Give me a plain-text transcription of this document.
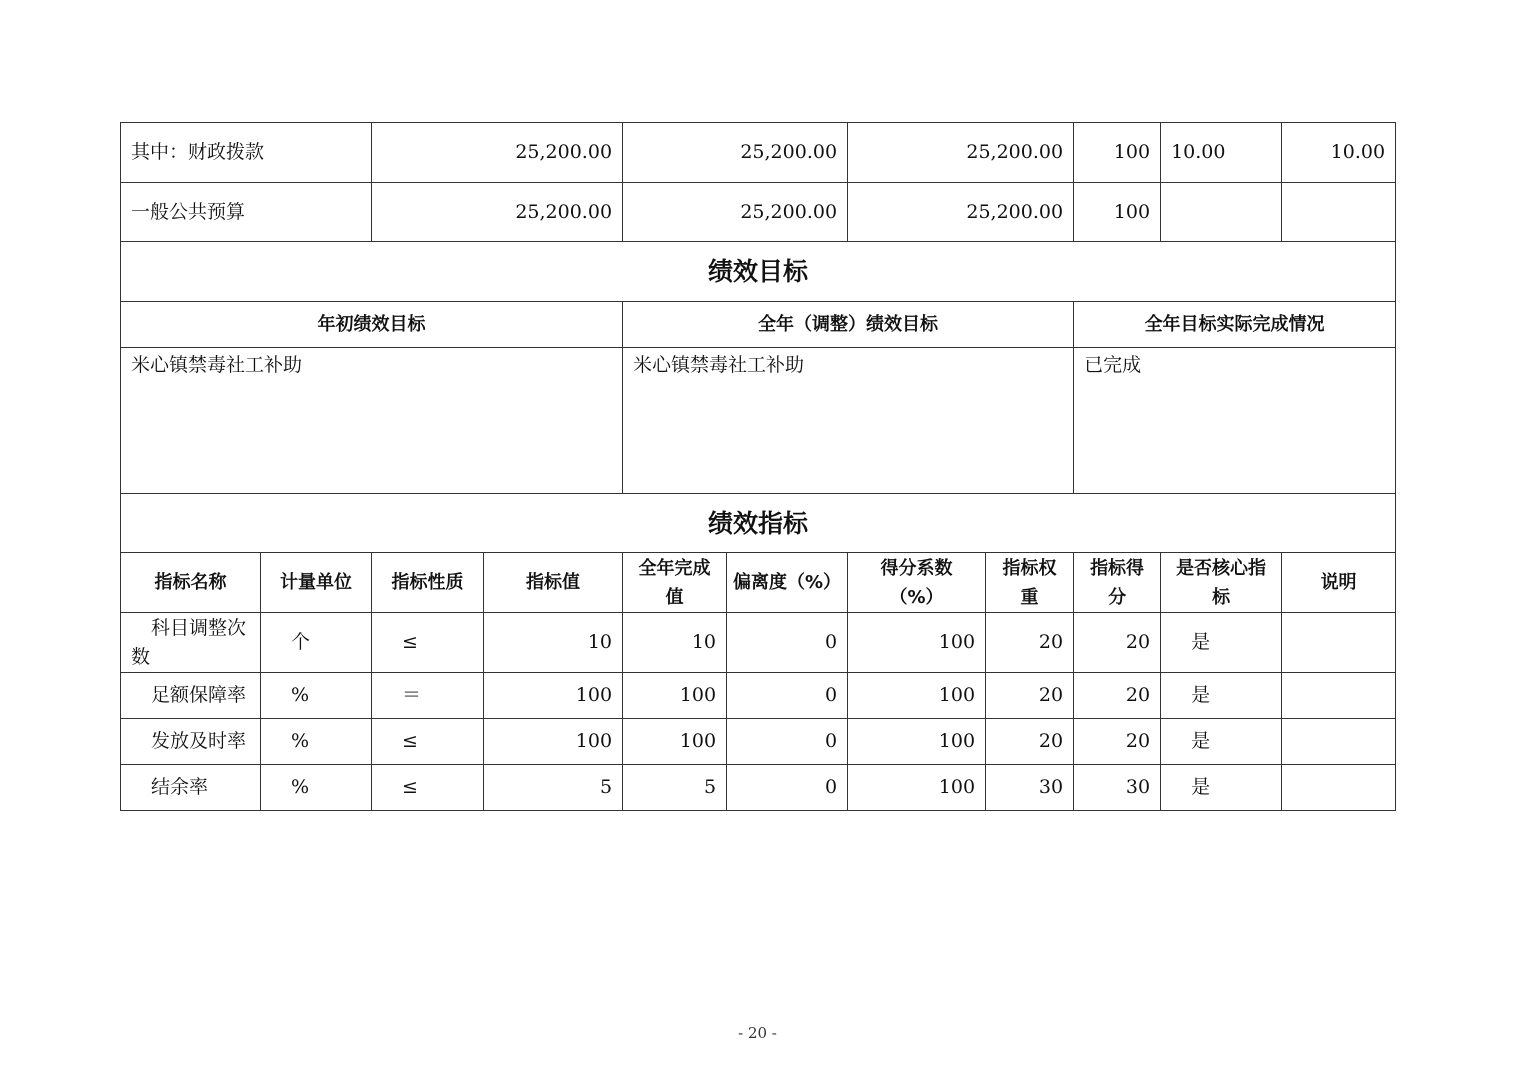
其中：财政拨款		25,200.00		25,200.00		25,200.00		100	10.00	10.00
一般公共预算		25,200.00		25,200.00		25,200.00		100		
绩效目标										
年初绩效目标				全年（调整）绩效目标				全年目标实际完成情况		
米心镇禁毒社工补助				米心镇禁毒社工补助				已完成		
绩效指标										
指标名称	计量单位	指标性质	指标值	全年完成值	偏离度（%）	得分系数（%）	指标权重	指标得分	是否核心指标	说明
科目调整次数	个	≤	10	10	0	100	20	20	是	
足额保障率	%	＝	100	100	0	100	20	20	是	
发放及时率	%	≤	100	100	0	100	20	20	是	
结余率	%	≤	5	5	0	100	30	30	是	
- 20 -
